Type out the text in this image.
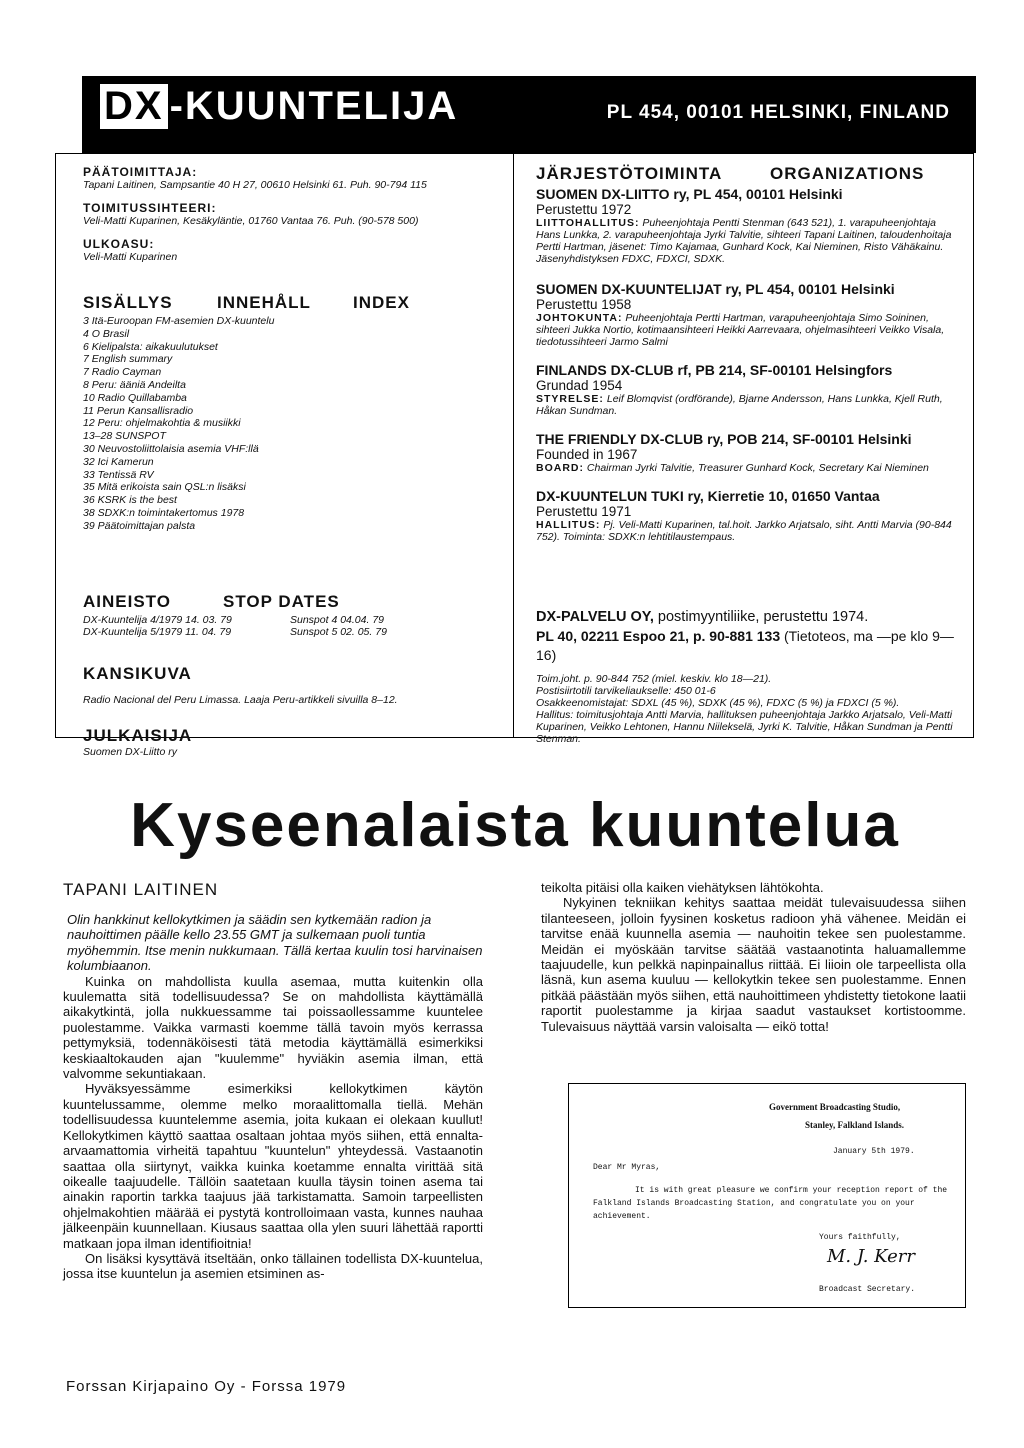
DX -KUUNTELIJA	PL 454, 00101 HELSINKI, FINLAND
PÄÄTOIMITTAJA:
Tapani Laitinen, Sampsantie 40 H 27, 00610 Helsinki 61. Puh. 90-794 115
TOIMITUSSIHTEERI:
Veli-Matti Kuparinen, Kesäkyläntie, 01760 Vantaa 76. Puh. (90-578 500)
ULKOASU:
Veli-Matti Kuparinen
SISÄLLYS	INNEHÅLL INDEX
3 Itä-Euroopan FM-asemien DX-kuuntelu
4 O Brasil
6 Kielipalsta: aikakuulutukset
7 English summary
7 Radio Cayman
8 Peru: ääniä Andeilta
10 Radio Quillabamba
11 Perun Kansallisradio
12 Peru: ohjelmakohtia & musiikki
13–28 SUNSPOT
30 Neuvostoliittolaisia asemia VHF:llä
32 Ici Kamerun
33 Tentissä RV
35 Mitä erikoista sain QSL:n lisäksi
36 KSRK is the best
38 SDXK:n toimintakertomus 1978
39 Päätoimittajan palsta
AINEISTO	STOP DATES
DX-Kuuntelija 4/1979 14. 03. 79	Sunspot 4 04.04. 79
DX-Kuuntelija 5/1979 11. 04. 79	Sunspot 5 02. 05. 79
KANSIKUVA
Radio Nacional del Peru Limassa. Laaja Peru-artikkeli sivuilla 8–12.
JULKAISIJA
Suomen DX-Liitto ry
JÄRJESTÖTOIMINTA	ORGANIZATIONS
SUOMEN DX-LIITTO ry, PL 454, 00101 Helsinki
Perustettu 1972
LIITTOHALLITUS: Puheenjohtaja Pentti Stenman (643 521), 1. varapuheenjohtaja Hans Lunkka, 2. varapuheenjohtaja Jyrki Talvitie, sihteeri Tapani Laitinen, taloudenhoitaja Pertti Hartman, jäsenet: Timo Kajamaa, Gunhard Kock, Kai Nieminen, Risto Vähäkainu. Jäsenyhdistyksen FDXC, FDXCI, SDXK.
SUOMEN DX-KUUNTELIJAT ry, PL 454, 00101 Helsinki
Perustettu 1958
JOHTOKUNTA: Puheenjohtaja Pertti Hartman, varapuheenjohtaja Simo Soininen, sihteeri Jukka Nortio, kotimaansihteeri Heikki Aarrevaara, ohjelmasihteeri Veikko Visala, tiedotussihteeri Jarmo Salmi
FINLANDS DX-CLUB rf, PB 214, SF-00101 Helsingfors
Grundad 1954
STYRELSE: Leif Blomqvist (ordförande), Bjarne Andersson, Hans Lunkka, Kjell Ruth, Håkan Sundman.
THE FRIENDLY DX-CLUB ry, POB 214, SF-00101 Helsinki
Founded in 1967
BOARD: Chairman Jyrki Talvitie, Treasurer Gunhard Kock, Secretary Kai Nieminen
DX-KUUNTELUN TUKI ry, Kierretie 10, 01650 Vantaa
Perustettu 1971
HALLITUS: Pj. Veli-Matti Kuparinen, tal.hoit. Jarkko Arjatsalo, siht. Antti Marvia (90-844 752). Toiminta: SDXK:n lehtitilaustempaus.
DX-PALVELU OY, postimyyntiliike, perustettu 1974.
PL 40, 02211 Espoo 21, p. 90-881 133 (Tietoteos, ma —pe klo 9—16)
Toim.joht. p. 90-844 752 (miel. keskiv. klo 18—21).
Postisiirtotili tarvikeliaukselle: 450 01-6
Osakkeenomistajat: SDXL (45 %), SDXK (45 %), FDXC (5 %) ja FDXCI (5 %).
Hallitus: toimitusjohtaja Antti Marvia, hallituksen puheenjohtaja Jarkko Arjatsalo, Veli-Matti Kuparinen, Veikko Lehtonen, Hannu Niilekselä, Jyrki K. Talvitie, Håkan Sundman ja Pentti Stenman.
Kyseenalaista kuuntelua
TAPANI LAITINEN
Olin hankkinut kellokytkimen ja säädin sen kytkemään radion ja nauhoittimen päälle kello 23.55 GMT ja sulkemaan puoli tuntia myöhemmin. Itse menin nukkumaan. Tällä kertaa kuulin tosi harvinaisen kolumbiaanon.

Kuinka on mahdollista kuulla asemaa, mutta kuitenkin olla kuulematta sitä todellisuudessa? Se on mahdollista käyttämällä aikakytkintä, jolla nukkuessamme tai poissaollessamme kuuntelee puolestamme. Vaikka varmasti koemme tällä tavoin myös kerrassa pettymyksiä, todennäköisesti tätä metodia käyttämällä esimerkiksi keskiaaltokauden ajan "kuulemme" hyviäkin asemia ilman, että valvomme sekuntiakaan.

Hyväksyessämme esimerkiksi kellokytkimen käytön kuuntelussamme, olemme melko moraalittomalla tiellä. Mehän todellisuudessa kuuntelemme asemia, joita kukaan ei olekaan kuullut! Kellokytkimen käyttö saattaa osaltaan johtaa myös siihen, että ennalta-arvaamattomia virheitä tapahtuu "kuuntelun" yhteydessä. Vastaanotin saattaa olla siirtynyt, vaikka kuinka koetamme ennalta virittää sitä oikealle taajuudelle. Tällöin saatetaan kuulla täysin toinen asema tai ainakin raportin tarkka taajuus jää tarkistamatta. Samoin tarpeellisten ohjelmakohtien määrää ei pystytä kontrolloimaan vasta, kunnes nauhaa jälkeenpäin kuunnellaan. Kiusaus saattaa olla ylen suuri lähettää raportti matkaan jopa ilman identifioitnia!

On lisäksi kysyttävä itseltään, onko tällainen todellista DX-kuuntelua, jossa itse kuuntelun ja asemien etsiminen as-

teikolta pitäisi olla kaiken viehätyksen lähtökohta.

Nykyinen tekniikan kehitys saattaa meidät tulevaisuudessa siihen tilanteeseen, jolloin fyysinen kosketus radioon yhä vähenee. Meidän ei tarvitse enää kuunnella asemia — nauhoitin tekee sen puolestamme. Meidän ei myöskään tarvitse säätää vastaanotinta haluamallemme taajuudelle, kun pelkkä napinpainallus riittää. Ei liioin ole tarpeellista olla läsnä, kun asema kuuluu — kellokytkin tekee sen puolestamme. Ennen pitkää päästään myös siihen, että nauhoittimeen yhdistetty tietokone laatii raportit puolestamme ja kirjaa saadut vastaukset kortistoomme. Tulevaisuus näyttää varsin valoisalta — eikö totta!

Government Broadcasting Studio,
Stanley, Falkland Islands.
January 5th 1979.
Dear Mr Myras,
It is with great pleasure we confirm your reception report of the Falkland Islands Broadcasting Station, and congratulate you on your achievement.
Yours faithfully,
M. J. Kerr
Broadcast Secretary.
Forssan Kirjapaino Oy - Forssa 1979
